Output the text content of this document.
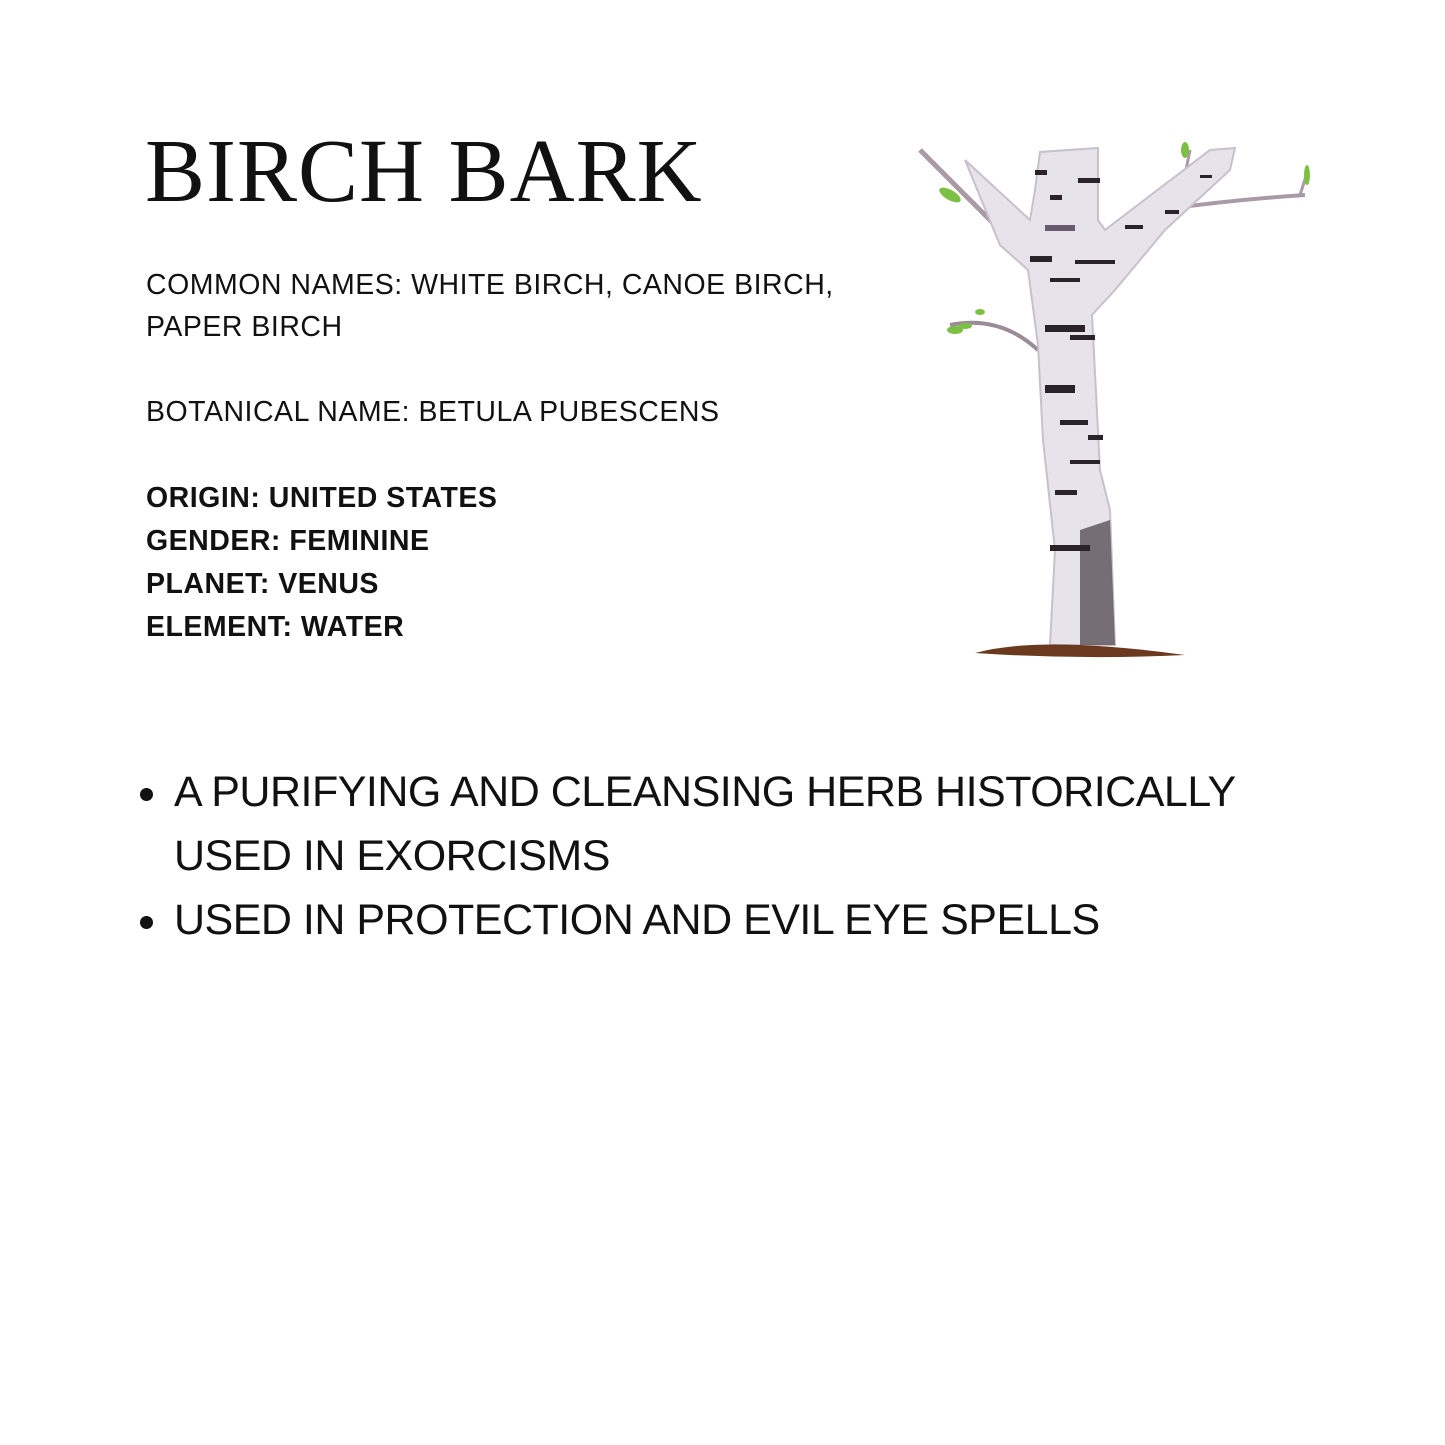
BIRCH BARK
COMMON NAMES: WHITE BIRCH, CANOE BIRCH, PAPER BIRCH
BOTANICAL NAME: BETULA PUBESCENS
ORIGIN: UNITED STATES
GENDER: FEMININE
PLANET: VENUS
ELEMENT: WATER
A PURIFYING AND CLEANSING HERB HISTORICALLY USED IN EXORCISMS
USED IN PROTECTION AND EVIL EYE SPELLS
